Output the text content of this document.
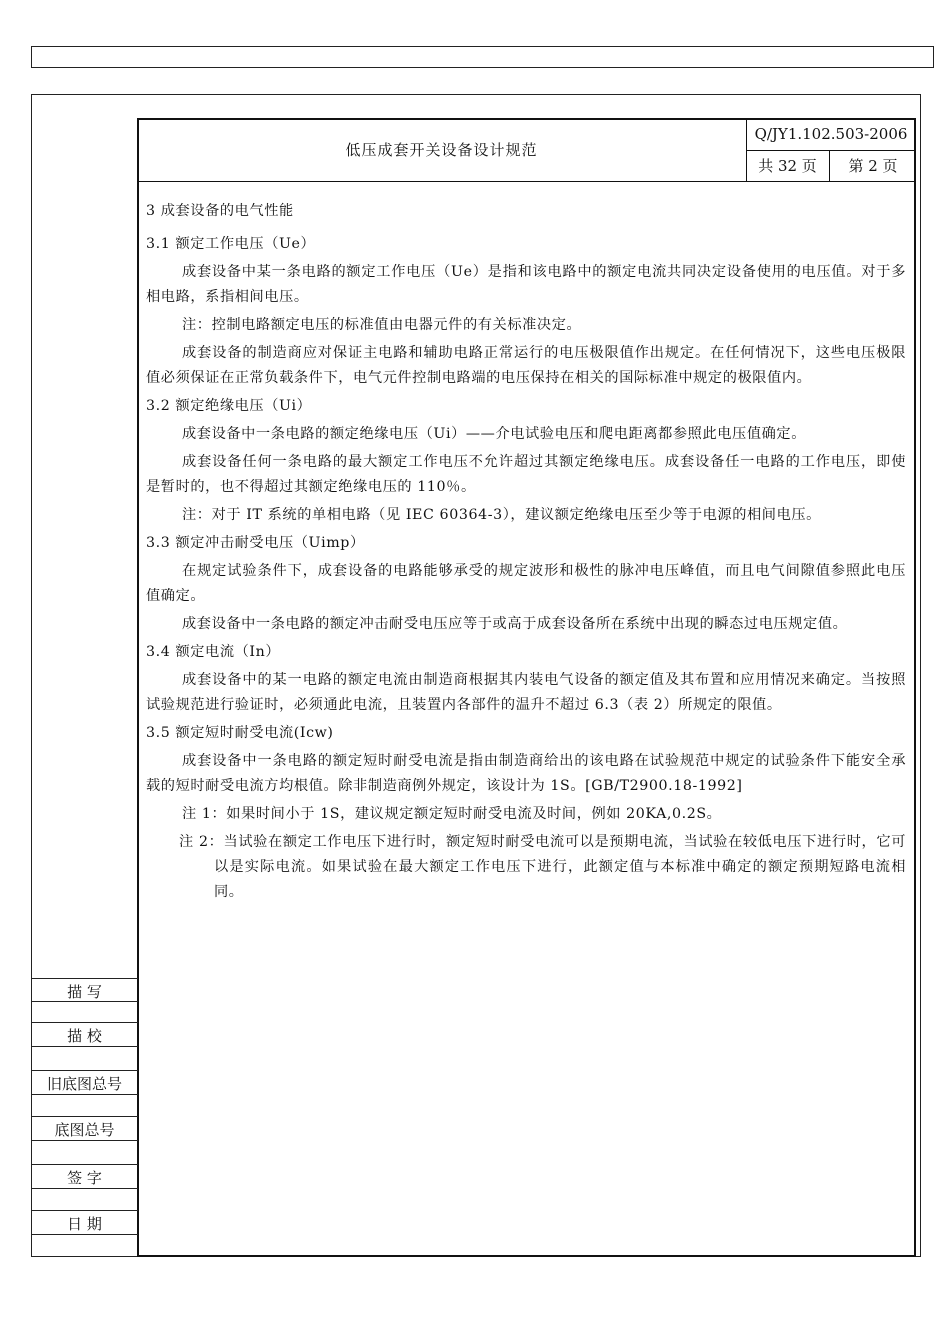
低压成套开关设备设计规范
Q/JY1.102.503-2006
共 32 页	第 2 页
3 成套设备的电气性能
3.1 额定工作电压（Ue）
成套设备中某一条电路的额定工作电压（Ue）是指和该电路中的额定电流共同决定设备使用的电压值。对于多相电路，系指相间电压。
注：控制电路额定电压的标准值由电器元件的有关标准决定。
成套设备的制造商应对保证主电路和辅助电路正常运行的电压极限值作出规定。在任何情况下，这些电压极限值必须保证在正常负载条件下，电气元件控制电路端的电压保持在相关的国际标准中规定的极限值内。
3.2 额定绝缘电压（Ui）
成套设备中一条电路的额定绝缘电压（Ui）——介电试验电压和爬电距离都参照此电压值确定。
成套设备任何一条电路的最大额定工作电压不允许超过其额定绝缘电压。成套设备任一电路的工作电压，即使是暂时的，也不得超过其额定绝缘电压的 110％。
注：对于 IT 系统的单相电路（见 IEC 60364-3），建议额定绝缘电压至少等于电源的相间电压。
3.3 额定冲击耐受电压（Uimp）
在规定试验条件下，成套设备的电路能够承受的规定波形和极性的脉冲电压峰值，而且电气间隙值参照此电压值确定。
成套设备中一条电路的额定冲击耐受电压应等于或高于成套设备所在系统中出现的瞬态过电压规定值。
3.4 额定电流（In）
成套设备中的某一电路的额定电流由制造商根据其内装电气设备的额定值及其布置和应用情况来确定。当按照试验规范进行验证时，必须通此电流，且装置内各部件的温升不超过 6.3（表 2）所规定的限值。
3.5 额定短时耐受电流(Icw)
成套设备中一条电路的额定短时耐受电流是指由制造商给出的该电路在试验规范中规定的试验条件下能安全承载的短时耐受电流方均根值。除非制造商例外规定，该设计为 1S。[GB/T2900.18-1992]
注 1：如果时间小于 1S，建议规定额定短时耐受电流及时间，例如 20KA,0.2S。
注 2：当试验在额定工作电压下进行时，额定短时耐受电流可以是预期电流，当试验在较低电压下进行时，它可以是实际电流。如果试验在最大额定工作电压下进行，此额定值与本标准中确定的额定预期短路电流相同。
描 写
描 校
旧底图总号
底图总号
签 字
日 期
